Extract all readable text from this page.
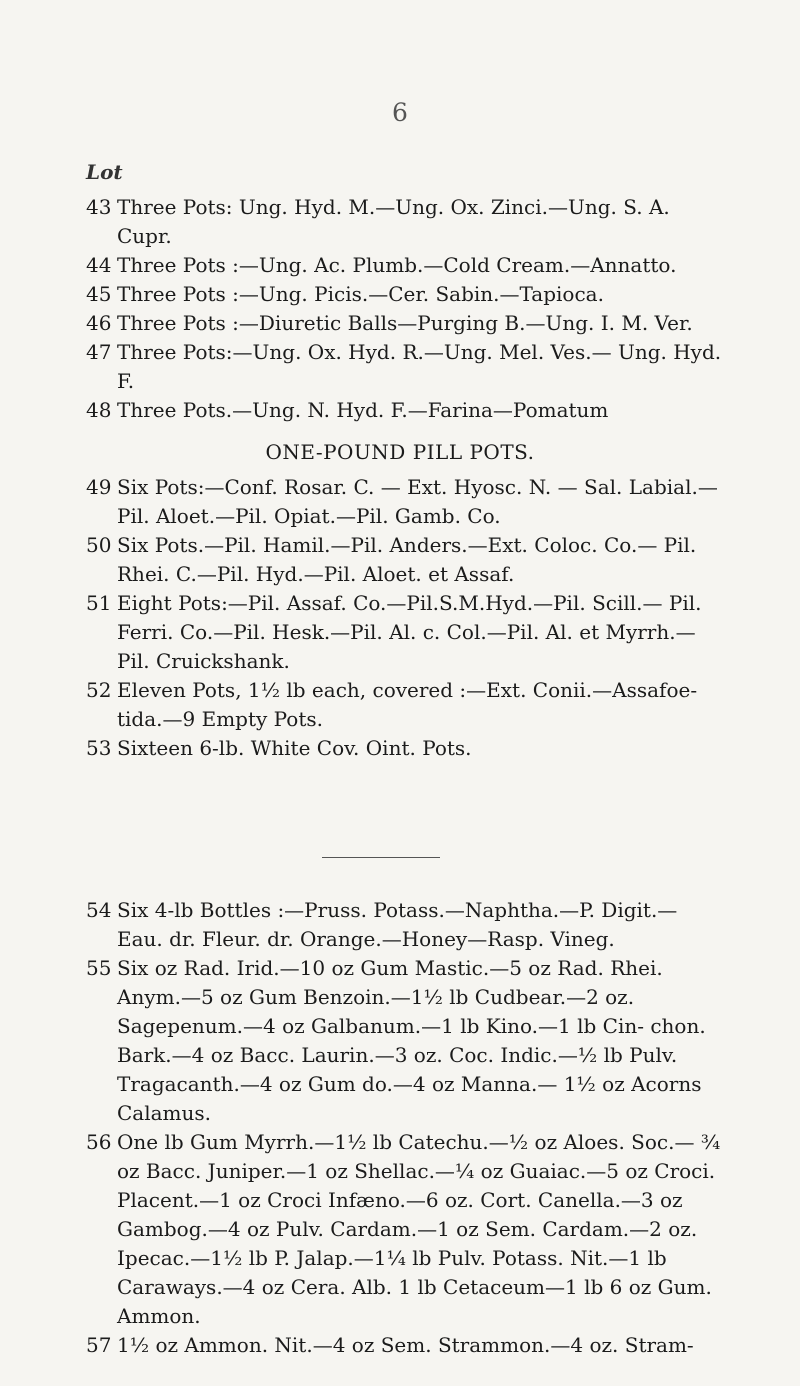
6
Lot
43 Three Pots: Ung. Hyd. M.—Ung. Ox. Zinci.—Ung. S. A. Cupr.

44 Three Pots :—Ung. Ac. Plumb.—Cold Cream.—Annatto.

45 Three Pots :—Ung. Picis.—Cer. Sabin.—Tapioca.

46 Three Pots :—Diuretic Balls—Purging B.—Ung. I. M. Ver.

47 Three Pots:—Ung. Ox. Hyd. R.—Ung. Mel. Ves.— Ung. Hyd. F.

48 Three Pots.—Ung. N. Hyd. F.—Farina—Pomatum

ONE-POUND PILL POTS.
49 Six Pots:—Conf. Rosar. C. — Ext. Hyosc. N. — Sal. Labial.—Pil. Aloet.—Pil. Opiat.—Pil. Gamb. Co.

50 Six Pots.—Pil. Hamil.—Pil. Anders.—Ext. Coloc. Co.— Pil. Rhei. C.—Pil. Hyd.—Pil. Aloet. et Assaf.

51 Eight Pots:—Pil. Assaf. Co.—Pil.S.M.Hyd.—Pil. Scill.— Pil. Ferri. Co.—Pil. Hesk.—Pil. Al. c. Col.—Pil. Al. et Myrrh.—Pil. Cruickshank.

52 Eleven Pots, 1½ lb each, covered :—Ext. Conii.—Assafoe- tida.—9 Empty Pots.

53 Sixteen 6-lb. White Cov. Oint. Pots.

54 Six 4-lb Bottles :—Pruss. Potass.—Naphtha.—P. Digit.— Eau. dr. Fleur. dr. Orange.—Honey—Rasp. Vineg.

55 Six oz Rad. Irid.—10 oz Gum Mastic.—5 oz Rad. Rhei. Anym.—5 oz Gum Benzoin.—1½ lb Cudbear.—2 oz. Sagepenum.—4 oz Galbanum.—1 lb Kino.—1 lb Cin- chon. Bark.—4 oz Bacc. Laurin.—3 oz. Coc. Indic.—½ lb Pulv. Tragacanth.—4 oz Gum do.—4 oz Manna.— 1½ oz Acorns Calamus.

56 One lb Gum Myrrh.—1½ lb Catechu.—½ oz Aloes. Soc.— ¾ oz Bacc. Juniper.—1 oz Shellac.—¼ oz Guaiac.—5 oz Croci. Placent.—1 oz Croci Infæno.—6 oz. Cort. Canella.—3 oz Gambog.—4 oz Pulv. Cardam.—1 oz Sem. Cardam.—2 oz. Ipecac.—1½ lb P. Jalap.—1¼ lb Pulv. Potass. Nit.—1 lb Caraways.—4 oz Cera. Alb. 1 lb Cetaceum—1 lb 6 oz Gum. Ammon.

57 1½ oz Ammon. Nit.—4 oz Sem. Strammon.—4 oz. Stram-
